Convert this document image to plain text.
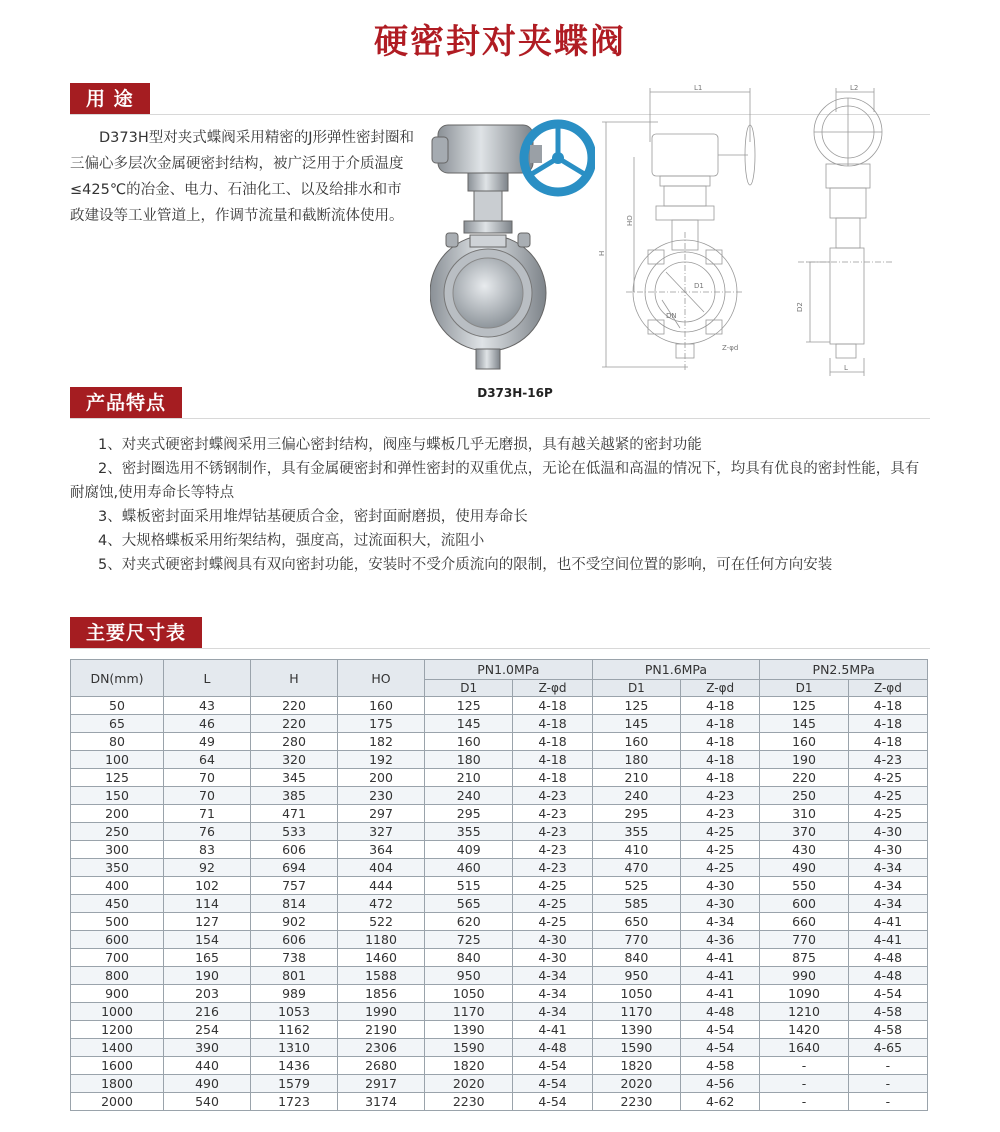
硬密封对夹蝶阀
用 途
D373H型对夹式蝶阀采用精密的J形弹性密封圈和三偏心多层次金属硬密封结构，被广泛用于介质温度≤425℃的冶金、电力、石油化工、以及给排水和市政建设等工业管道上，作调节流量和截断流体使用。
D373H-16P
L1
H
HO
D1
DN
Z-φd
L2
D2
L
产品特点
1、对夹式硬密封蝶阀采用三偏心密封结构，阀座与蝶板几乎无磨损，具有越关越紧的密封功能
2、密封圈选用不锈钢制作，具有金属硬密封和弹性密封的双重优点，无论在低温和高温的情况下，均具有优良的密封性能，具有耐腐蚀,使用寿命长等特点
3、蝶板密封面采用堆焊钴基硬质合金，密封面耐磨损，使用寿命长
4、大规格蝶板采用绗架结构，强度高，过流面积大，流阻小
5、对夹式硬密封蝶阀具有双向密封功能，安装时不受介质流向的限制，也不受空间位置的影响，可在任何方向安装
主要尺寸表
DN(mm)	L	H	HO	PN1.0MPa		PN1.6MPa		PN2.5MPa	
				D1	Z-φd	D1	Z-φd	D1	Z-φd
50	43	220	160	125	4-18	125	4-18	125	4-18
65	46	220	175	145	4-18	145	4-18	145	4-18
80	49	280	182	160	4-18	160	4-18	160	4-18
100	64	320	192	180	4-18	180	4-18	190	4-23
125	70	345	200	210	4-18	210	4-18	220	4-25
150	70	385	230	240	4-23	240	4-23	250	4-25
200	71	471	297	295	4-23	295	4-23	310	4-25
250	76	533	327	355	4-23	355	4-25	370	4-30
300	83	606	364	409	4-23	410	4-25	430	4-30
350	92	694	404	460	4-23	470	4-25	490	4-34
400	102	757	444	515	4-25	525	4-30	550	4-34
450	114	814	472	565	4-25	585	4-30	600	4-34
500	127	902	522	620	4-25	650	4-34	660	4-41
600	154	606	1180	725	4-30	770	4-36	770	4-41
700	165	738	1460	840	4-30	840	4-41	875	4-48
800	190	801	1588	950	4-34	950	4-41	990	4-48
900	203	989	1856	1050	4-34	1050	4-41	1090	4-54
1000	216	1053	1990	1170	4-34	1170	4-48	1210	4-58
1200	254	1162	2190	1390	4-41	1390	4-54	1420	4-58
1400	390	1310	2306	1590	4-48	1590	4-54	1640	4-65
1600	440	1436	2680	1820	4-54	1820	4-58	-	-
1800	490	1579	2917	2020	4-54	2020	4-56	-	-
2000	540	1723	3174	2230	4-54	2230	4-62	-	-
